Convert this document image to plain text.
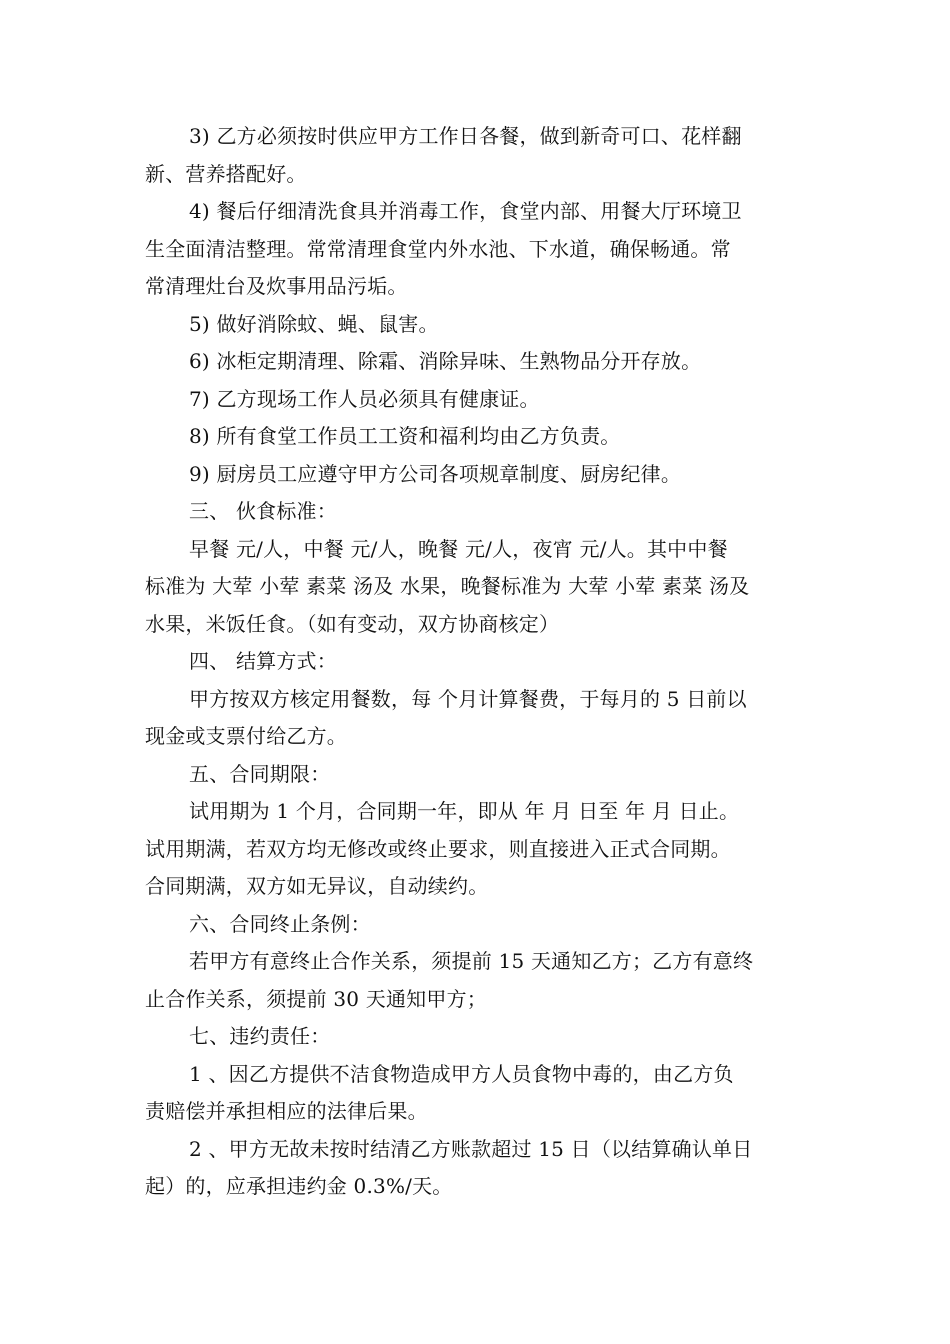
3) 乙方必须按时供应甲方工作日各餐，做到新奇可口、花样翻
新、营养搭配好。
4) 餐后仔细清洗食具并消毒工作，食堂内部、用餐大厅环境卫
生全面清洁整理。常常清理食堂内外水池、下水道，确保畅通。常
常清理灶台及炊事用品污垢。
5) 做好消除蚊、蝇、鼠害。
6) 冰柜定期清理、除霜、消除异味、生熟物品分开存放。
7) 乙方现场工作人员必须具有健康证。
8) 所有食堂工作员工工资和福利均由乙方负责。
9) 厨房员工应遵守甲方公司各项规章制度、厨房纪律。
三、 伙食标准：
早餐 元/人，中餐 元/人，晚餐 元/人，夜宵 元/人。其中中餐
标准为 大荤 小荤 素菜 汤及 水果，晚餐标准为 大荤 小荤 素菜 汤及
水果，米饭任食。（如有变动，双方协商核定）
四、 结算方式：
甲方按双方核定用餐数，每 个月计算餐费，于每月的 5 日前以
现金或支票付给乙方。
五、合同期限：
试用期为 1 个月，合同期一年，即从 年 月 日至 年 月 日止。
试用期满，若双方均无修改或终止要求，则直接进入正式合同期。
合同期满，双方如无异议，自动续约。
六、合同终止条例：
若甲方有意终止合作关系，须提前 15 天通知乙方；乙方有意终
止合作关系，须提前 30 天通知甲方；
七、违约责任：
1 、因乙方提供不洁食物造成甲方人员食物中毒的，由乙方负
责赔偿并承担相应的法律后果。
2 、甲方无故未按时结清乙方账款超过 15 日（以结算确认单日
起）的，应承担违约金 0.3%/天。
